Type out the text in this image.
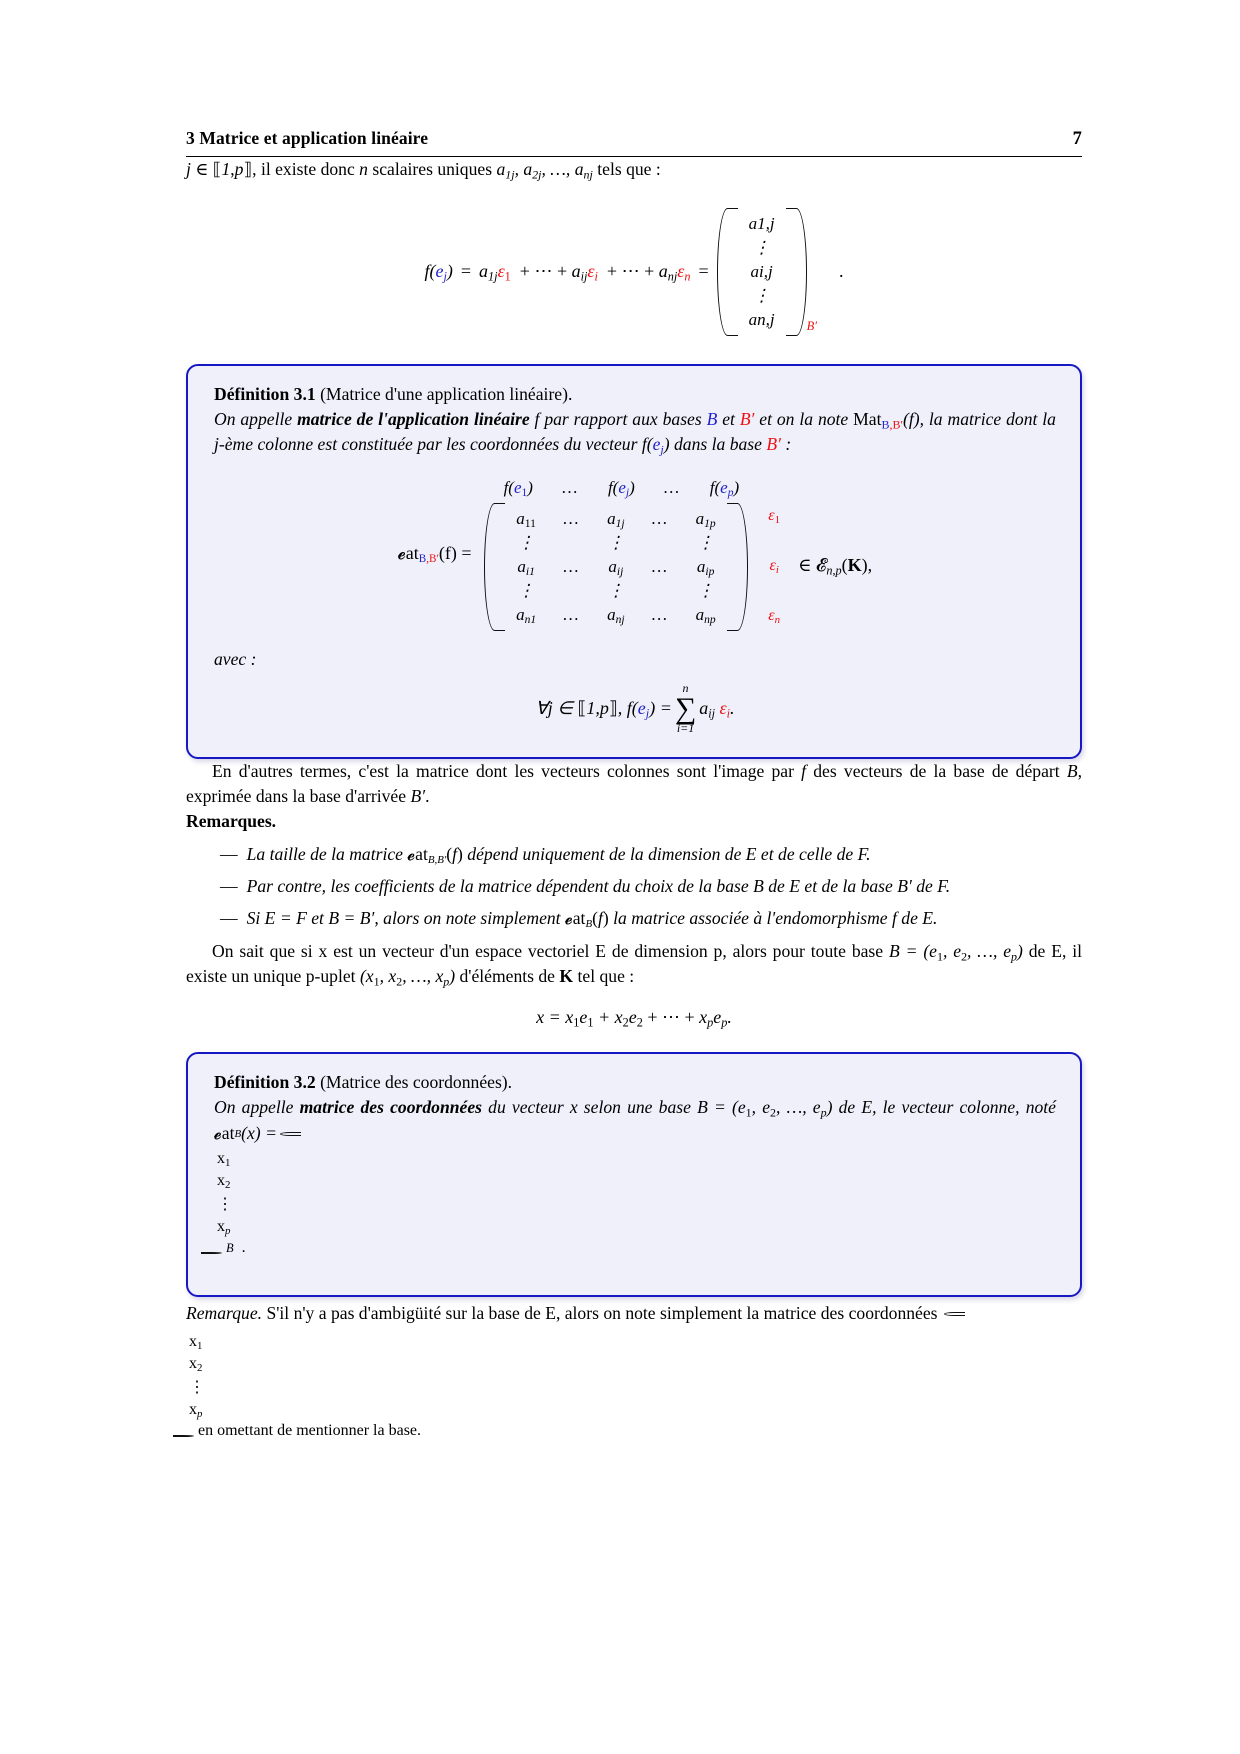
3 Matrice et application linéaire	7

j ∈ ⟦1,p⟧, il existe donc n scalaires uniques $a_{1j}$, $a_{2j}$, …, $a_{nj}$ tels que :

$f(e_j) = a_{1j}\varepsilon_1$  + ⋯ + $a_{ij}\varepsilon_i$  + ⋯ + $a_{nj}\varepsilon_n$ =
a1,j
⋮
ai,j
⋮
an,j	B′
.

Définition 3.1 (Matrice d'une application linéaire).

On appelle matrice de l'application linéaire f par rapport aux bases B et B′ et on la note Mat$_{B,B'}$(f), la matrice dont la j-ème colonne est constituée par les coordonnées du vecteur $f(e_j)$ dans la base B′ :

𝓮at$_{B,B'}$(f) =
$f(e_1)$	…	$f(e_j)$	…	$f(e_p)$
$a_{11}$	…	$a_{1j}$	…	$a_{1p}$
⋮		⋮		⋮
$a_{i1}$	…	$a_{ij}$	…	$a_{ip}$
⋮		⋮		⋮
$a_{n1}$	…	$a_{nj}$	…	$a_{np}$
$\varepsilon_1$

$\varepsilon_i$

$\varepsilon_n$
∈ 𝓔$_{n,p}$(K),

avec :

∀j ∈ ⟦1,p⟧, $f(e_j)$ =
n
∑
i=1
$a_{ij}$ $\varepsilon_i$.

En d'autres termes, c'est la matrice dont les vecteurs colonnes sont l'image par f des vecteurs de la base de départ B, exprimée dans la base d'arrivée B′.

Remarques.

— La taille de la matrice 𝓮at$_{B,B'}$(f) dépend uniquement de la dimension de E et de celle de F.
— Par contre, les coefficients de la matrice dépendent du choix de la base B de E et de la base B′ de F.
— Si E = F et B = B′, alors on note simplement 𝓮at$_B$(f) la matrice associée à l'endomorphisme f de E.

On sait que si x est un vecteur d'un espace vectoriel E de dimension p, alors pour toute base $B = (e_1$, $e_2$, …, $e_p$) de E, il existe un unique p-uplet ($x_1$, $x_2$, …, $x_p$) d'éléments de K tel que :

$x = x_1e_1 + x_2e_2$ + ⋯ + $x_pe_p$.

Définition 3.2 (Matrice des coordonnées).

On appelle matrice des coordonnées du vecteur x selon une base $B = (e_1$, $e_2$, …, $e_p$) de E, le vecteur colonne, noté
𝓮at B (x) =

$x_1$
$x_2$
⋮
$x_p$
B .

Remarque. S'il n'y a pas d'ambigüité sur la base de E, alors on note simplement la matrice des coordonnées

$x_1$
$x_2$
⋮
$x_p$
en omettant de mentionner la base.
